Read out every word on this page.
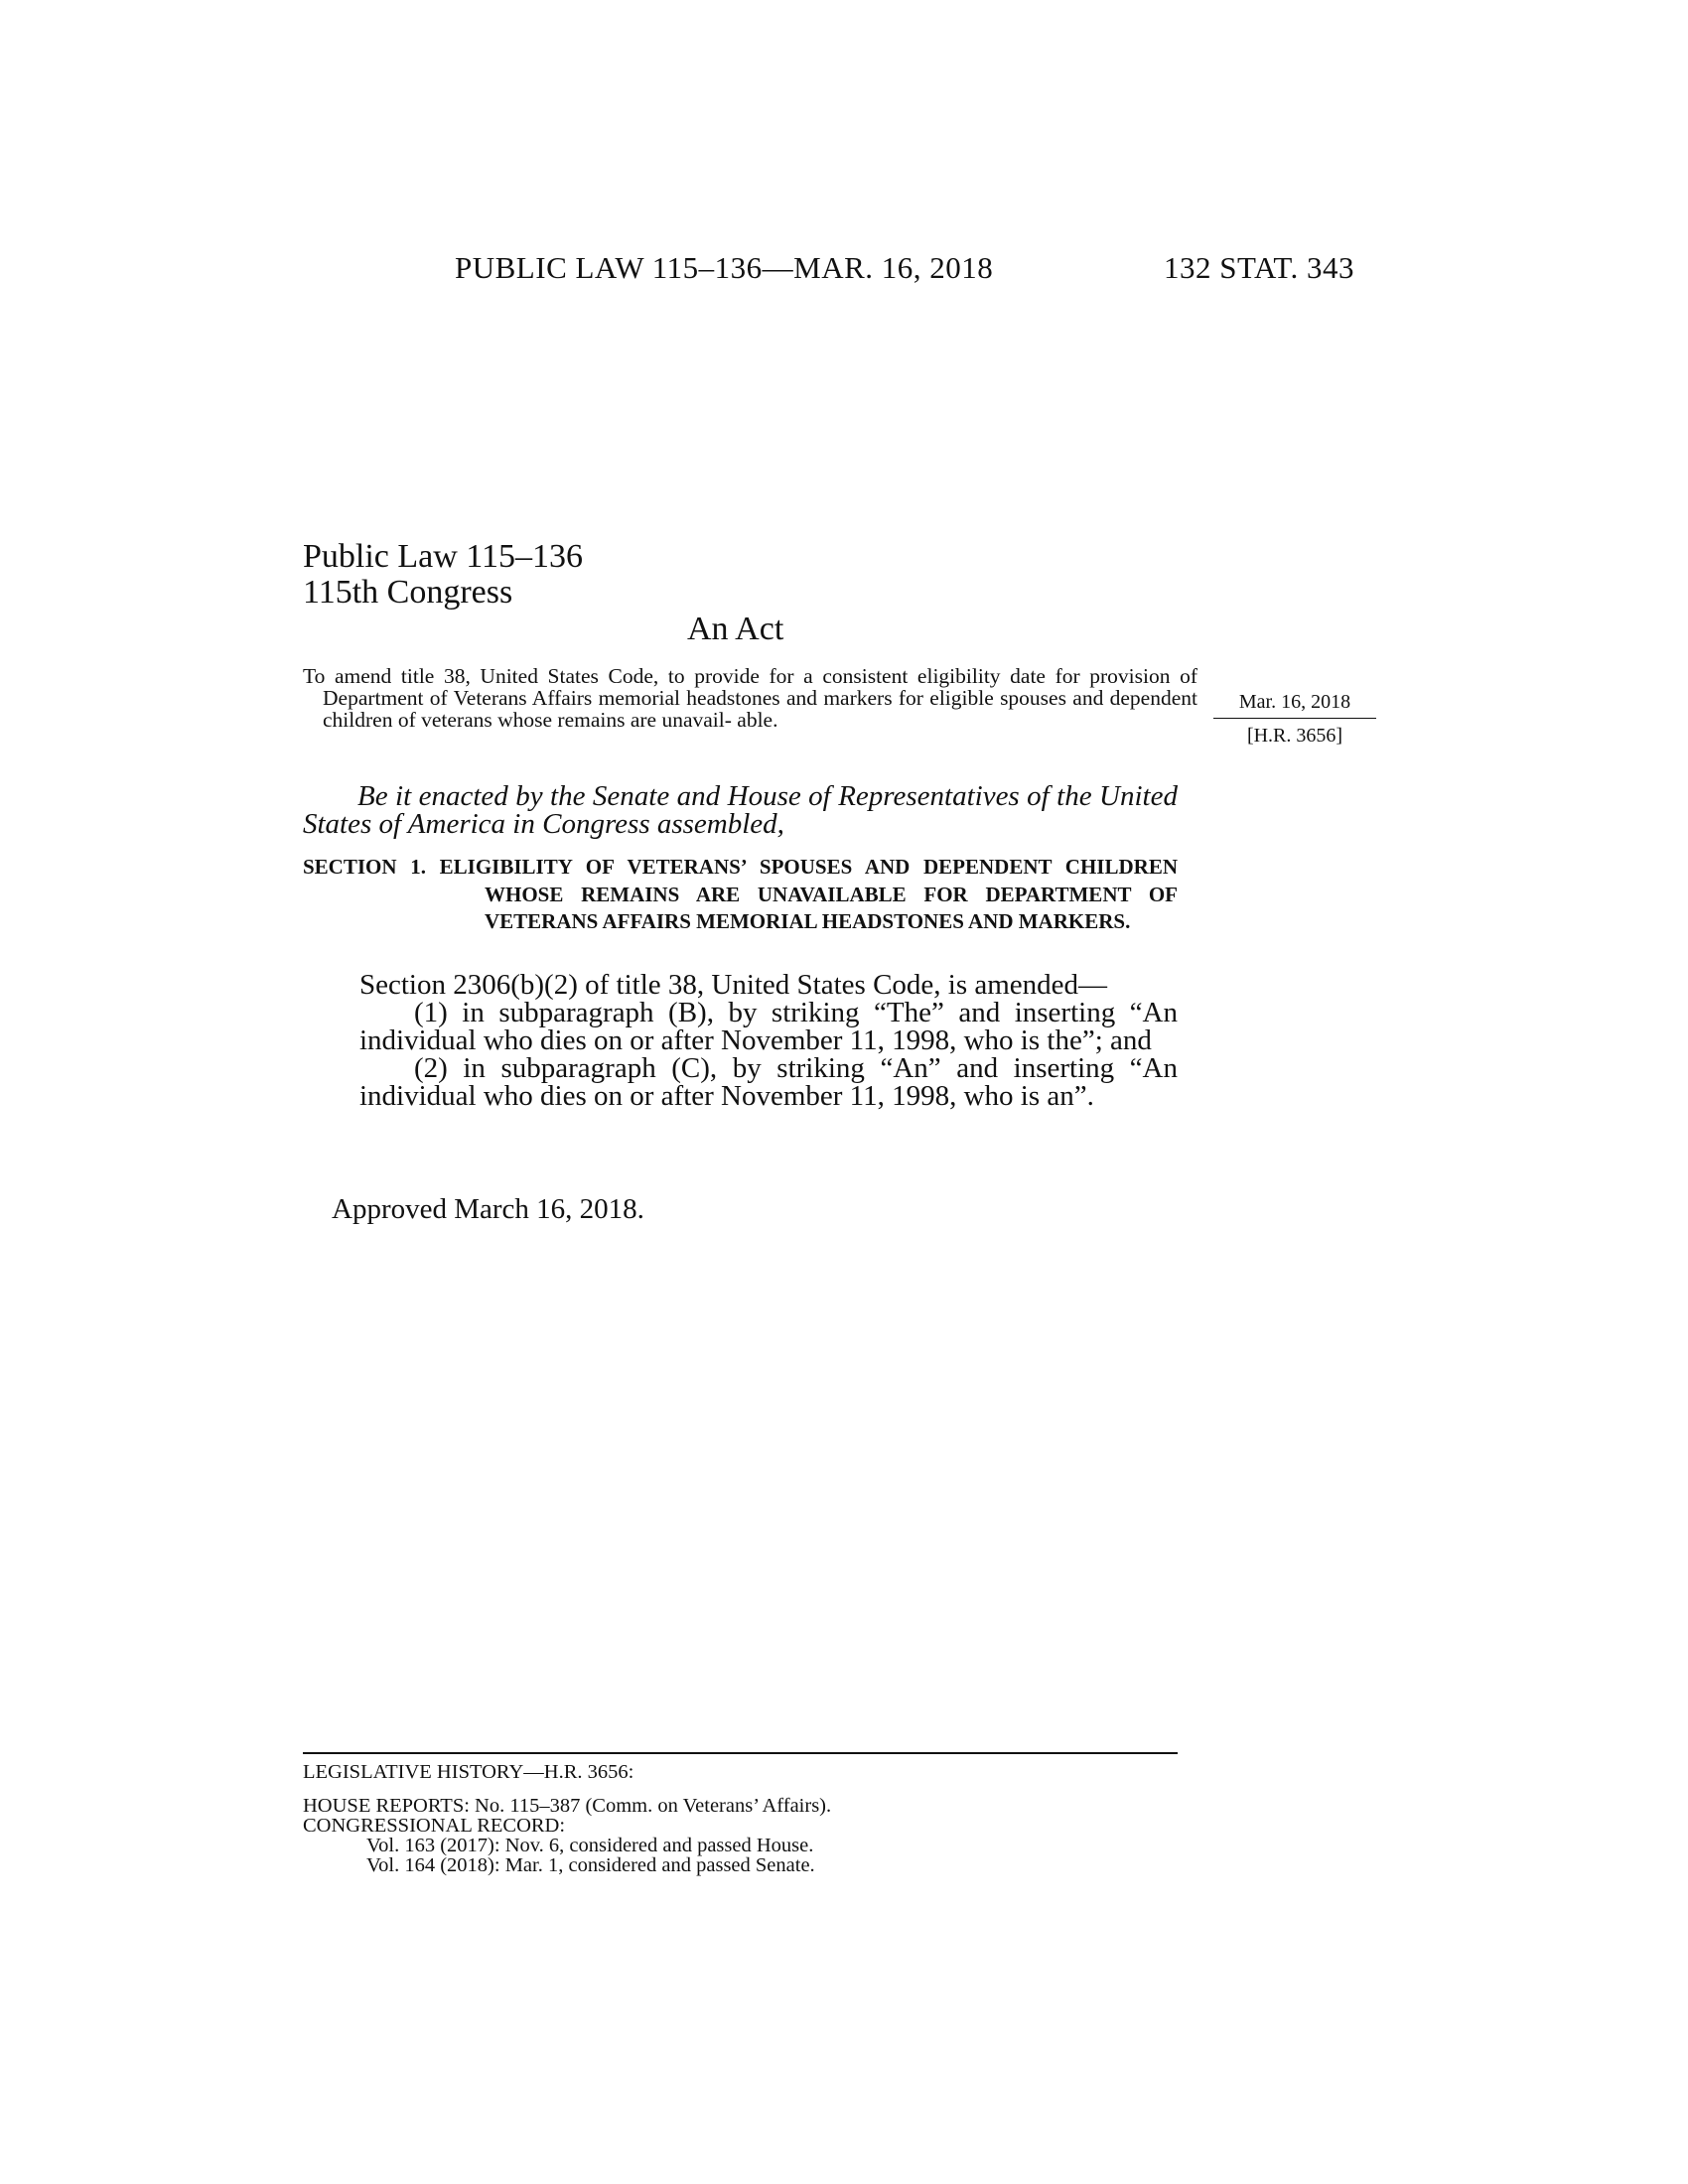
PUBLIC LAW 115–136—MAR. 16, 2018	132 STAT. 343
Public Law 115–136
115th Congress
An Act
To amend title 38, United States Code, to provide for a consistent eligibility date for provision of Department of Veterans Affairs memorial headstones and markers for eligible spouses and dependent children of veterans whose remains are unavail- able.
Mar. 16, 2018
[H.R. 3656]
Be it enacted by the Senate and House of Representatives of the United States of America in Congress assembled,
SECTION 1. ELIGIBILITY OF VETERANS’ SPOUSES AND DEPENDENT CHILDREN WHOSE REMAINS ARE UNAVAILABLE FOR DEPARTMENT OF VETERANS AFFAIRS MEMORIAL HEADSTONES AND MARKERS.

Section 2306(b)(2) of title 38, United States Code, is amended—

(1) in subparagraph (B), by striking “The” and inserting “An individual who dies on or after November 11, 1998, who is the”; and

(2) in subparagraph (C), by striking “An” and inserting “An individual who dies on or after November 11, 1998, who is an”.

Approved March 16, 2018.
LEGISLATIVE HISTORY—H.R. 3656:
HOUSE REPORTS: No. 115–387 (Comm. on Veterans’ Affairs).
CONGRESSIONAL RECORD:
Vol. 163 (2017): Nov. 6, considered and passed House.
Vol. 164 (2018): Mar. 1, considered and passed Senate.
